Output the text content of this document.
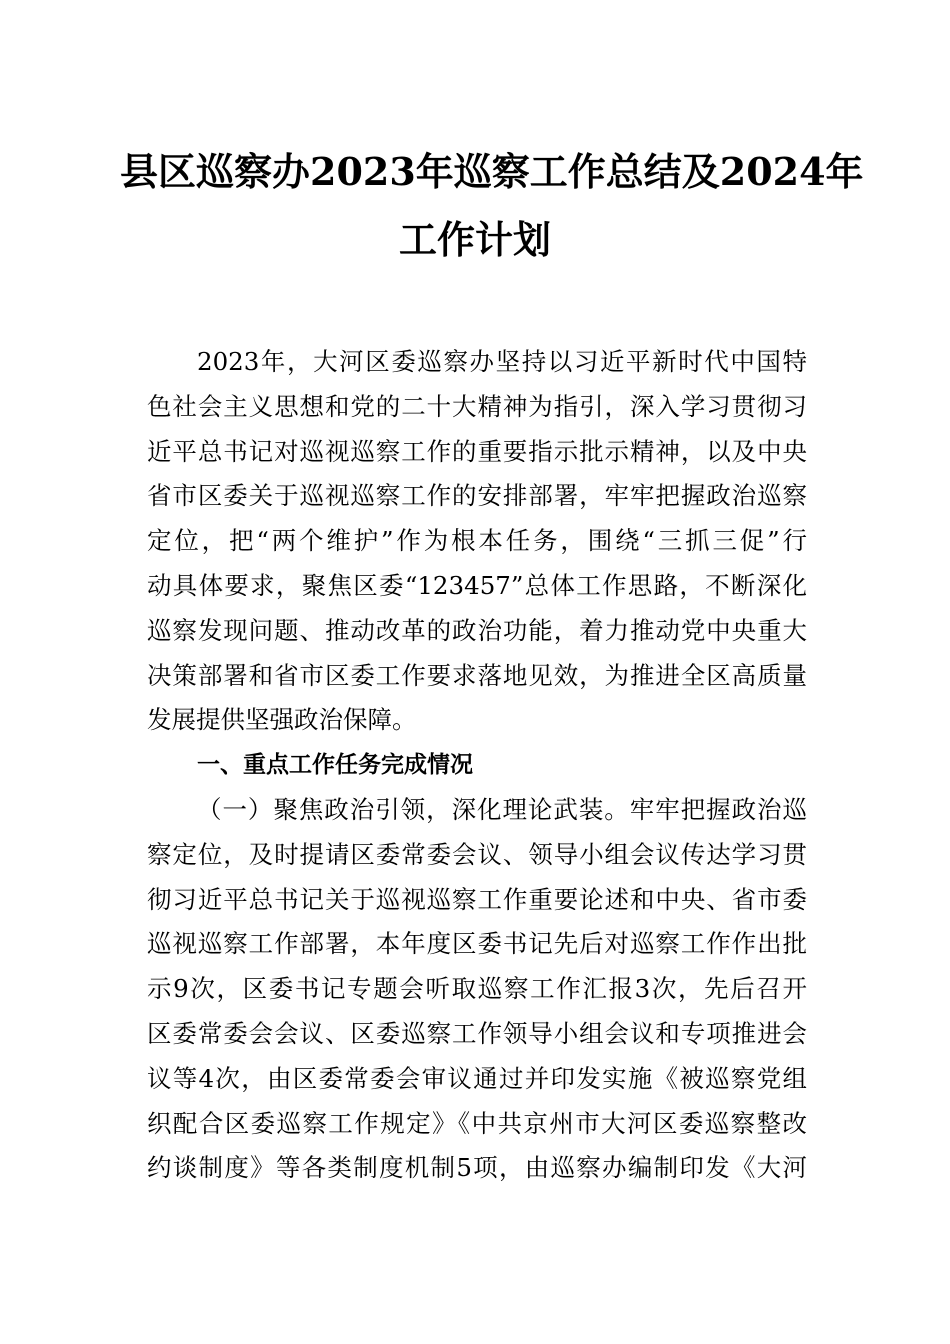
县区巡察办2023年巡察工作总结及2024年
工作计划
2023年，大河区委巡察办坚持以习近平新时代中国特
色社会主义思想和党的二十大精神为指引，深入学习贯彻习
近平总书记对巡视巡察工作的重要指示批示精神，以及中央
省市区委关于巡视巡察工作的安排部署，牢牢把握政治巡察
定位，把“两个维护”作为根本任务，围绕“三抓三促”行
动具体要求，聚焦区委“123457”总体工作思路，不断深化
巡察发现问题、推动改革的政治功能，着力推动党中央重大
决策部署和省市区委工作要求落地见效，为推进全区高质量
发展提供坚强政治保障。
一、重点工作任务完成情况
（一）聚焦政治引领，深化理论武装。牢牢把握政治巡
察定位，及时提请区委常委会议、领导小组会议传达学习贯
彻习近平总书记关于巡视巡察工作重要论述和中央、省市委
巡视巡察工作部署，本年度区委书记先后对巡察工作作出批
示9次，区委书记专题会听取巡察工作汇报3次，先后召开
区委常委会会议、区委巡察工作领导小组会议和专项推进会
议等4次，由区委常委会审议通过并印发实施《被巡察党组
织配合区委巡察工作规定》《中共京州市大河区委巡察整改
约谈制度》等各类制度机制5项，由巡察办编制印发《大河
